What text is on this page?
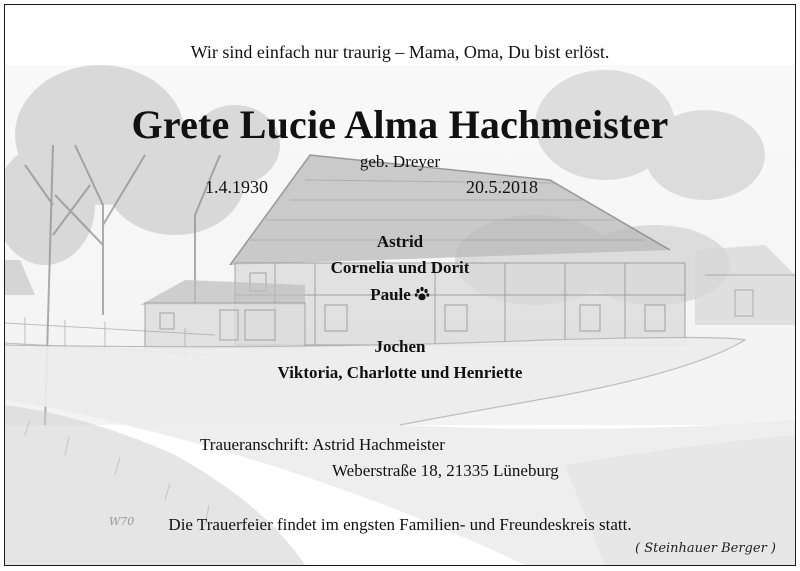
Wir sind einfach nur traurig – Mama, Oma, Du bist erlöst.
Grete Lucie Alma Hachmeister
geb. Dreyer
1.4.1930	20.5.2018
Astrid
Cornelia und Dorit
Paule
Jochen
Viktoria, Charlotte und Henriette
Traueranschrift: Astrid Hachmeister
Weberstraße 18, 21335 Lüneburg
Die Trauerfeier findet im engsten Familien- und Freundeskreis statt.
W70
( Steinhauer Berger )
